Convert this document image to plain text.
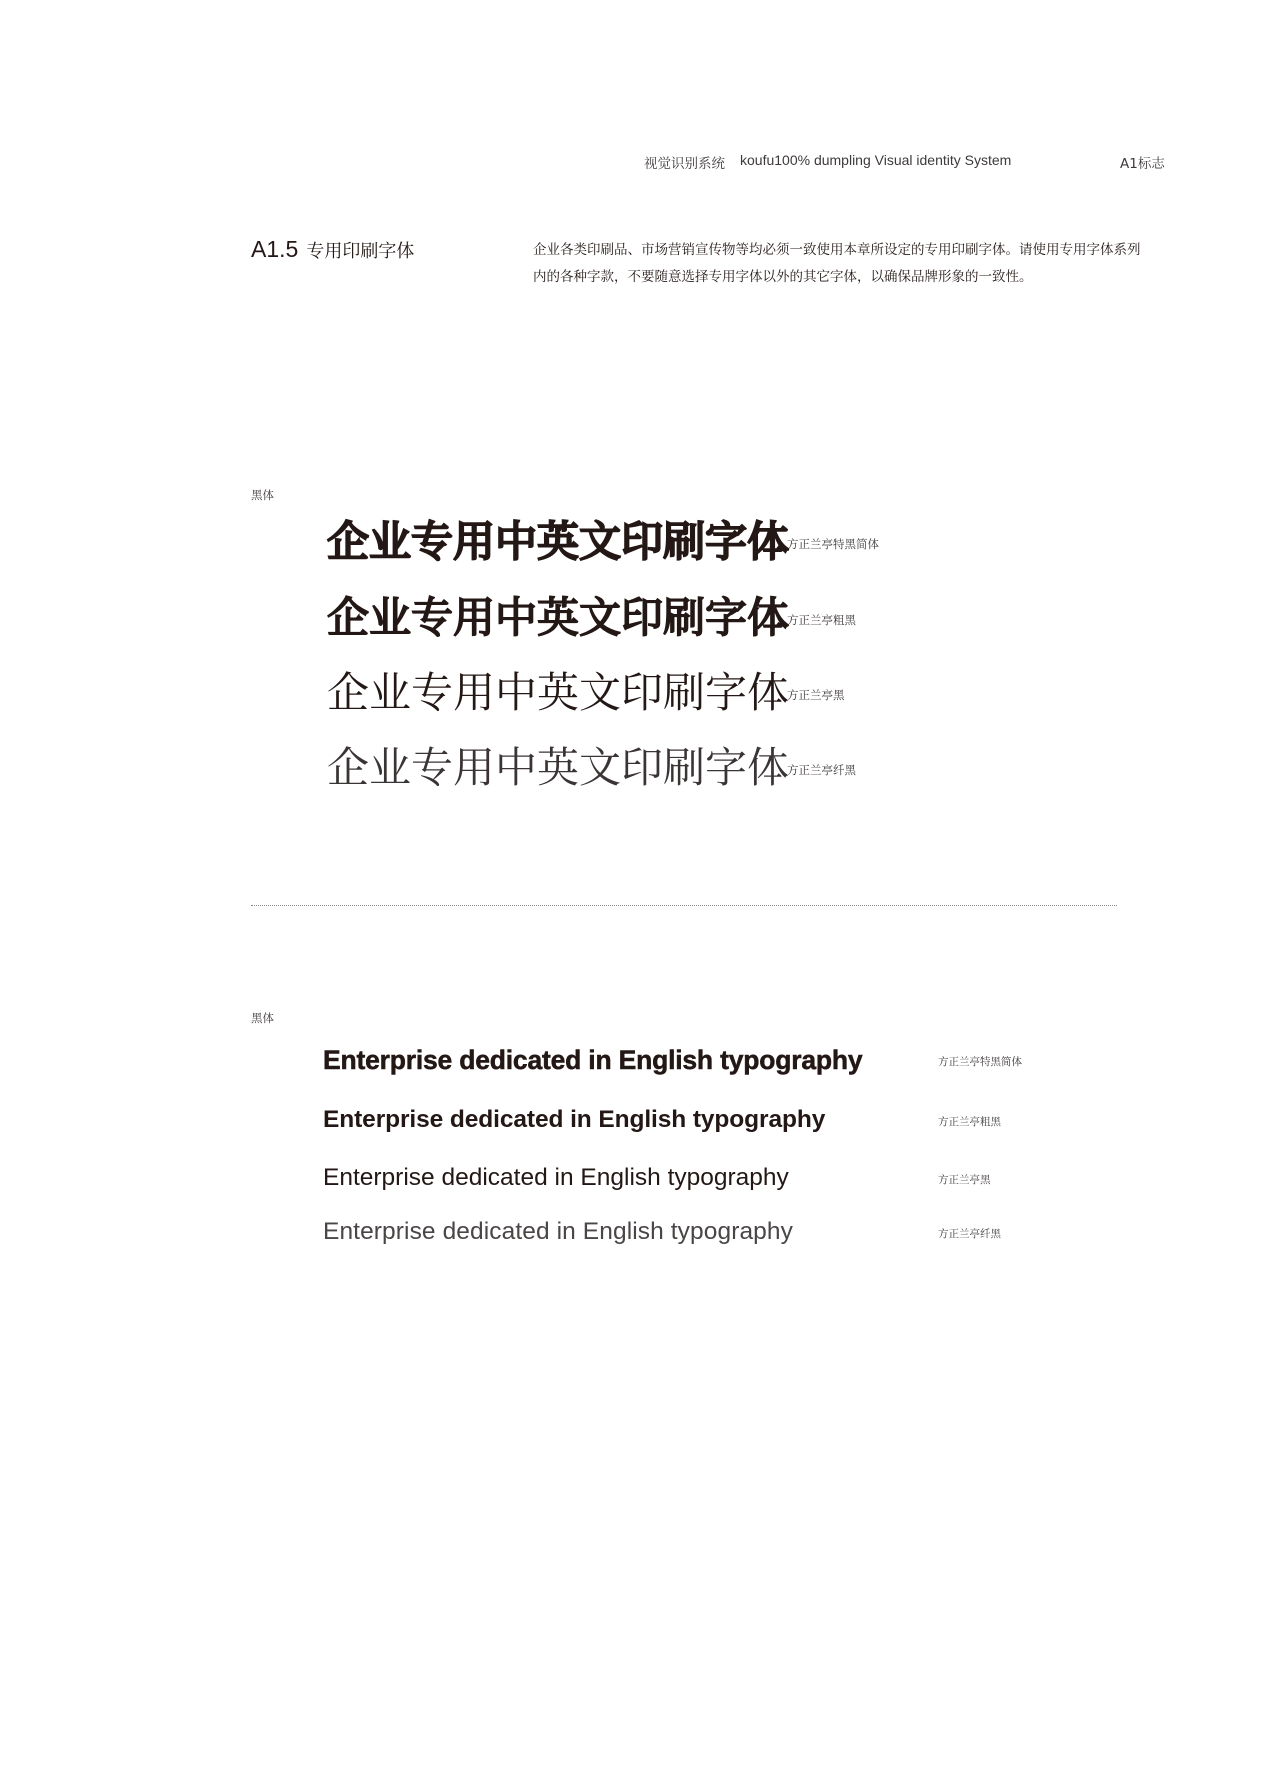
视觉识别系统 koufu100% dumpling Visual identity System	A1标志
A1.5 专用印刷字体	企业各类印刷品、市场营销宣传物等均必须一致使用本章所设定的专用印刷字体。请使用专用字体系列

内的各种字款，不要随意选择专用字体以外的其它字体，以确保品牌形象的一致性。

黑体
企业专用中英文印刷字体
方正兰亭特黑简体
企业专用中英文印刷字体
方正兰亭粗黑
企业专用中英文印刷字体
方正兰亭黑
企业专用中英文印刷字体
方正兰亭纤黑
黑体
Enterprise dedicated in English typography	方正兰亭特黑简体
Enterprise dedicated in English typography	方正兰亭粗黑
Enterprise dedicated in English typography	方正兰亭黑
Enterprise dedicated in English typography	方正兰亭纤黑
